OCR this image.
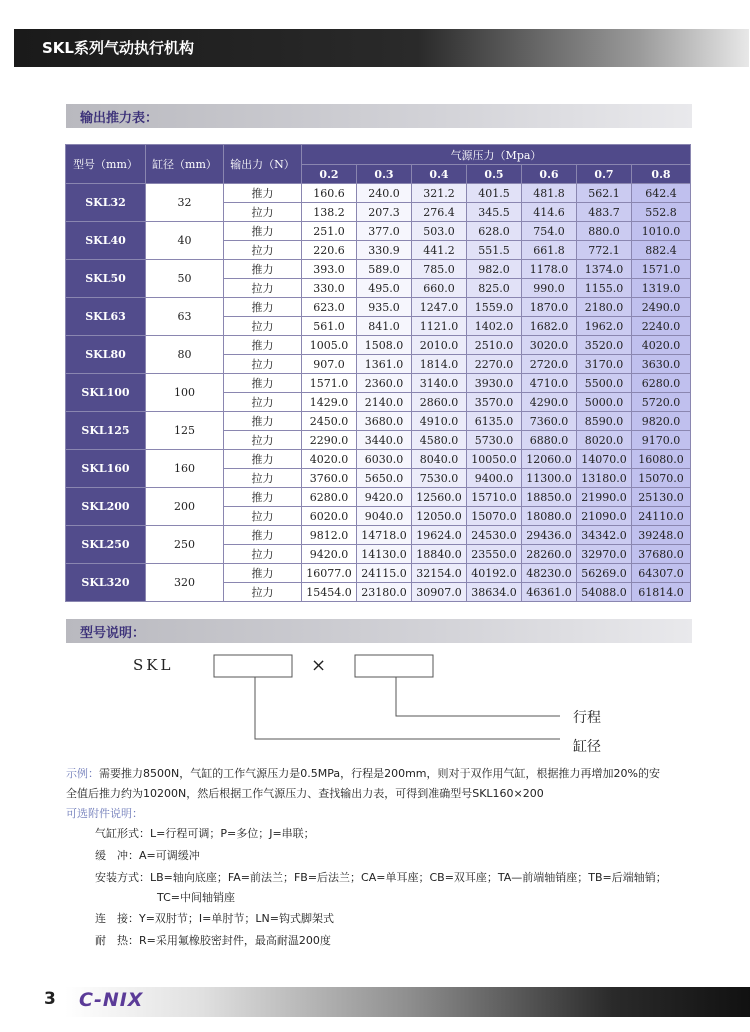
SKL系列气动执行机构
输出推力表：
型号（mm）	缸径（mm）	输出力（N）	气源压力（Mpa）						
			0.2	0.3	0.4	0.5	0.6	0.7	0.8
SKL32	32	推力	160.6	240.0	321.2	401.5	481.8	562.1	642.4
		拉力	138.2	207.3	276.4	345.5	414.6	483.7	552.8
SKL40	40	推力	251.0	377.0	503.0	628.0	754.0	880.0	1010.0
		拉力	220.6	330.9	441.2	551.5	661.8	772.1	882.4
SKL50	50	推力	393.0	589.0	785.0	982.0	1178.0	1374.0	1571.0
		拉力	330.0	495.0	660.0	825.0	990.0	1155.0	1319.0
SKL63	63	推力	623.0	935.0	1247.0	1559.0	1870.0	2180.0	2490.0
		拉力	561.0	841.0	1121.0	1402.0	1682.0	1962.0	2240.0
SKL80	80	推力	1005.0	1508.0	2010.0	2510.0	3020.0	3520.0	4020.0
		拉力	907.0	1361.0	1814.0	2270.0	2720.0	3170.0	3630.0
SKL100	100	推力	1571.0	2360.0	3140.0	3930.0	4710.0	5500.0	6280.0
		拉力	1429.0	2140.0	2860.0	3570.0	4290.0	5000.0	5720.0
SKL125	125	推力	2450.0	3680.0	4910.0	6135.0	7360.0	8590.0	9820.0
		拉力	2290.0	3440.0	4580.0	5730.0	6880.0	8020.0	9170.0
SKL160	160	推力	4020.0	6030.0	8040.0	10050.0	12060.0	14070.0	16080.0
		拉力	3760.0	5650.0	7530.0	9400.0	11300.0	13180.0	15070.0
SKL200	200	推力	6280.0	9420.0	12560.0	15710.0	18850.0	21990.0	25130.0
		拉力	6020.0	9040.0	12050.0	15070.0	18080.0	21090.0	24110.0
SKL250	250	推力	9812.0	14718.0	19624.0	24530.0	29436.0	34342.0	39248.0
		拉力	9420.0	14130.0	18840.0	23550.0	28260.0	32970.0	37680.0
SKL320	320	推力	16077.0	24115.0	32154.0	40192.0	48230.0	56269.0	64307.0
		拉力	15454.0	23180.0	30907.0	38634.0	46361.0	54088.0	61814.0
型号说明：
SKL	×
行程
缸径
示例：需要推力8500N，气缸的工作气源压力是0.5MPa，行程是200mm，则对于双作用气缸，根据推力再增加20%的安
全值后推力约为10200N，然后根据工作气源压力、查找输出力表，可得到准确型号SKL160×200
可选附件说明：
气缸形式：L=行程可调；P=多位；J=串联；
缓　冲：A=可调缓冲
安装方式：LB=轴向底座；FA=前法兰；FB=后法兰；CA=单耳座；CB=双耳座；TA—前端轴销座；TB=后端轴销；
TC=中间轴销座
连　接：Y=双肘节；I=单肘节；LN=钩式脚架式
耐　热：R=采用氟橡胶密封件，最高耐温200度
3 C-NIX
